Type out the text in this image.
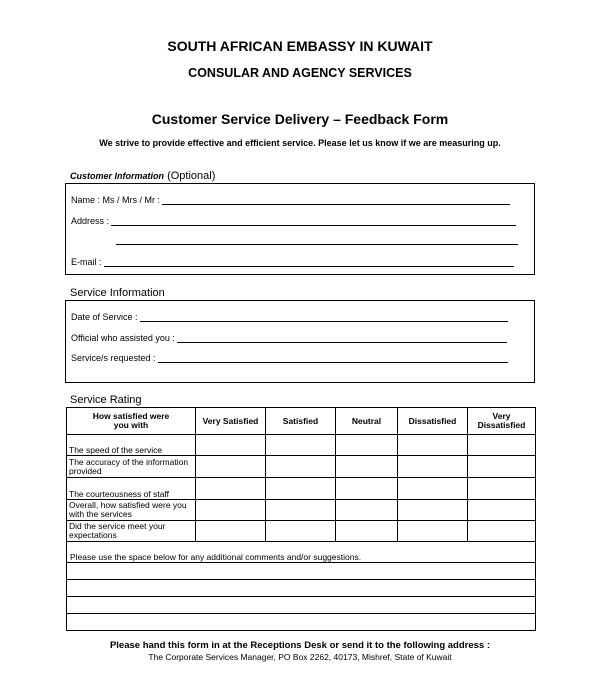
SOUTH AFRICAN EMBASSY IN KUWAIT
CONSULAR AND AGENCY SERVICES
Customer Service Delivery – Feedback Form
We strive to provide effective and efficient service. Please let us know if we are measuring up.
Customer Information (Optional)
Name : Ms / Mrs / Mr :
Address :
E-mail :
Service Information
Date of Service :
Official who assisted you :
Service/s requested :
Service Rating
How satisfied were you with	Very Satisfied	Satisfied	Neutral	Dissatisfied	Very Dissatisfied
The speed of the service					
The accuracy of the information provided					
The courteousness of staff					
Overall, how satisfied were you with the services					
Did the service meet your expectations					
Please use the space below for any additional comments and/or suggestions.					

Please hand this form in at the Receptions Desk or send it to the following address :
The Corporate Services Manager, PO Box 2262, 40173, Mishref, State of Kuwait
